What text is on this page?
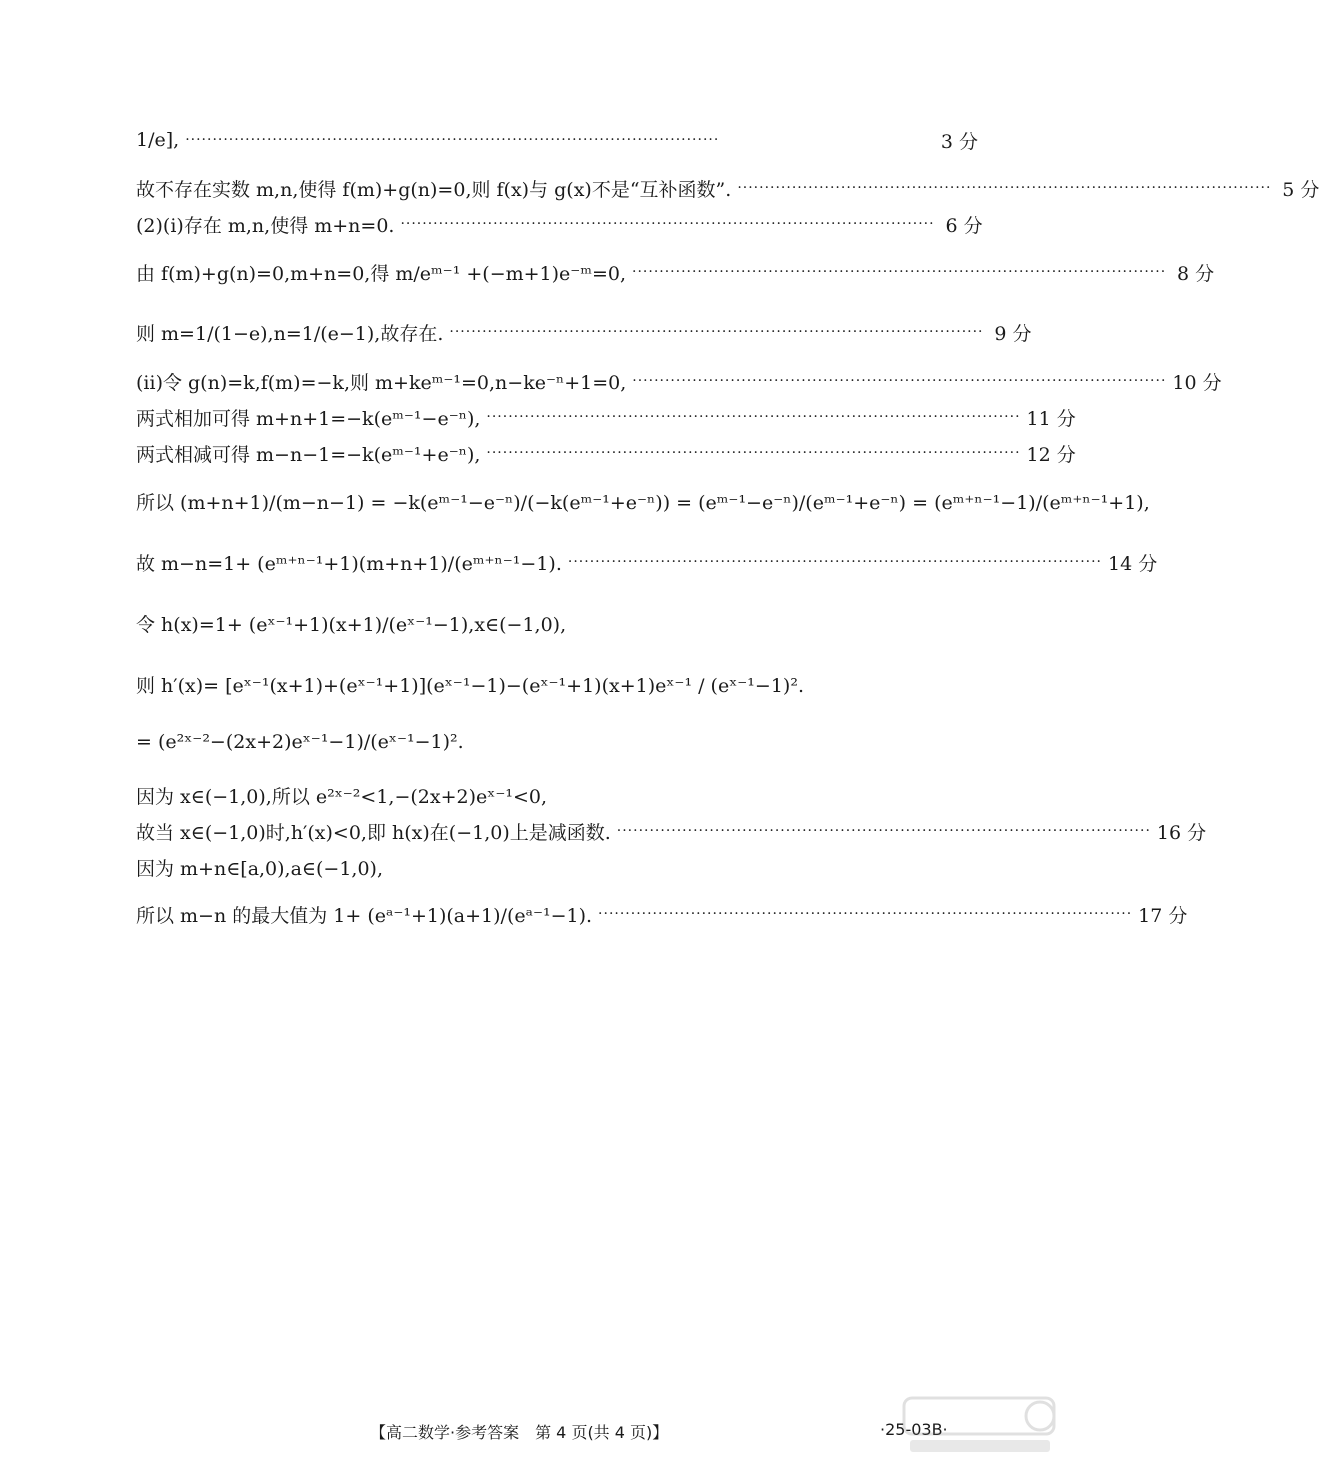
1/e], ··································································································	3 分
故不存在实数 m,n,使得 f(m)+g(n)=0,则 f(x)与 g(x)不是“互补函数”. ·································································································· 5 分
(2)(ⅰ)存在 m,n,使得 m+n=0. ·································································································· 6 分
由 f(m)+g(n)=0,m+n=0,得 m/eᵐ⁻¹ +(−m+1)e⁻ᵐ=0, ·································································································· 8 分
则 m=1/(1−e),n=1/(e−1),故存在. ·································································································· 9 分
(ⅱ)令 g(n)=k,f(m)=−k,则 m+keᵐ⁻¹=0,n−ke⁻ⁿ+1=0, ·································································································· 10 分
两式相加可得 m+n+1=−k(eᵐ⁻¹−e⁻ⁿ), ·································································································· 11 分
两式相减可得 m−n−1=−k(eᵐ⁻¹+e⁻ⁿ), ·································································································· 12 分
所以 (m+n+1)/(m−n−1) = −k(eᵐ⁻¹−e⁻ⁿ)/(−k(eᵐ⁻¹+e⁻ⁿ)) = (eᵐ⁻¹−e⁻ⁿ)/(eᵐ⁻¹+e⁻ⁿ) = (eᵐ⁺ⁿ⁻¹−1)/(eᵐ⁺ⁿ⁻¹+1),
故 m−n=1+ (eᵐ⁺ⁿ⁻¹+1)(m+n+1)/(eᵐ⁺ⁿ⁻¹−1). ·································································································· 14 分
令 h(x)=1+ (eˣ⁻¹+1)(x+1)/(eˣ⁻¹−1),x∈(−1,0),
则 h′(x)= [eˣ⁻¹(x+1)+(eˣ⁻¹+1)](eˣ⁻¹−1)−(eˣ⁻¹+1)(x+1)eˣ⁻¹ / (eˣ⁻¹−1)².
= (e²ˣ⁻²−(2x+2)eˣ⁻¹−1)/(eˣ⁻¹−1)².
因为 x∈(−1,0),所以 e²ˣ⁻²<1,−(2x+2)eˣ⁻¹<0,
故当 x∈(−1,0)时,h′(x)<0,即 h(x)在(−1,0)上是减函数. ·································································································· 16 分
因为 m+n∈[a,0),a∈(−1,0),
所以 m−n 的最大值为 1+ (eᵃ⁻¹+1)(a+1)/(eᵃ⁻¹−1). ·································································································· 17 分
【高二数学·参考答案　第 4 页(共 4 页)】	·25-03B·
